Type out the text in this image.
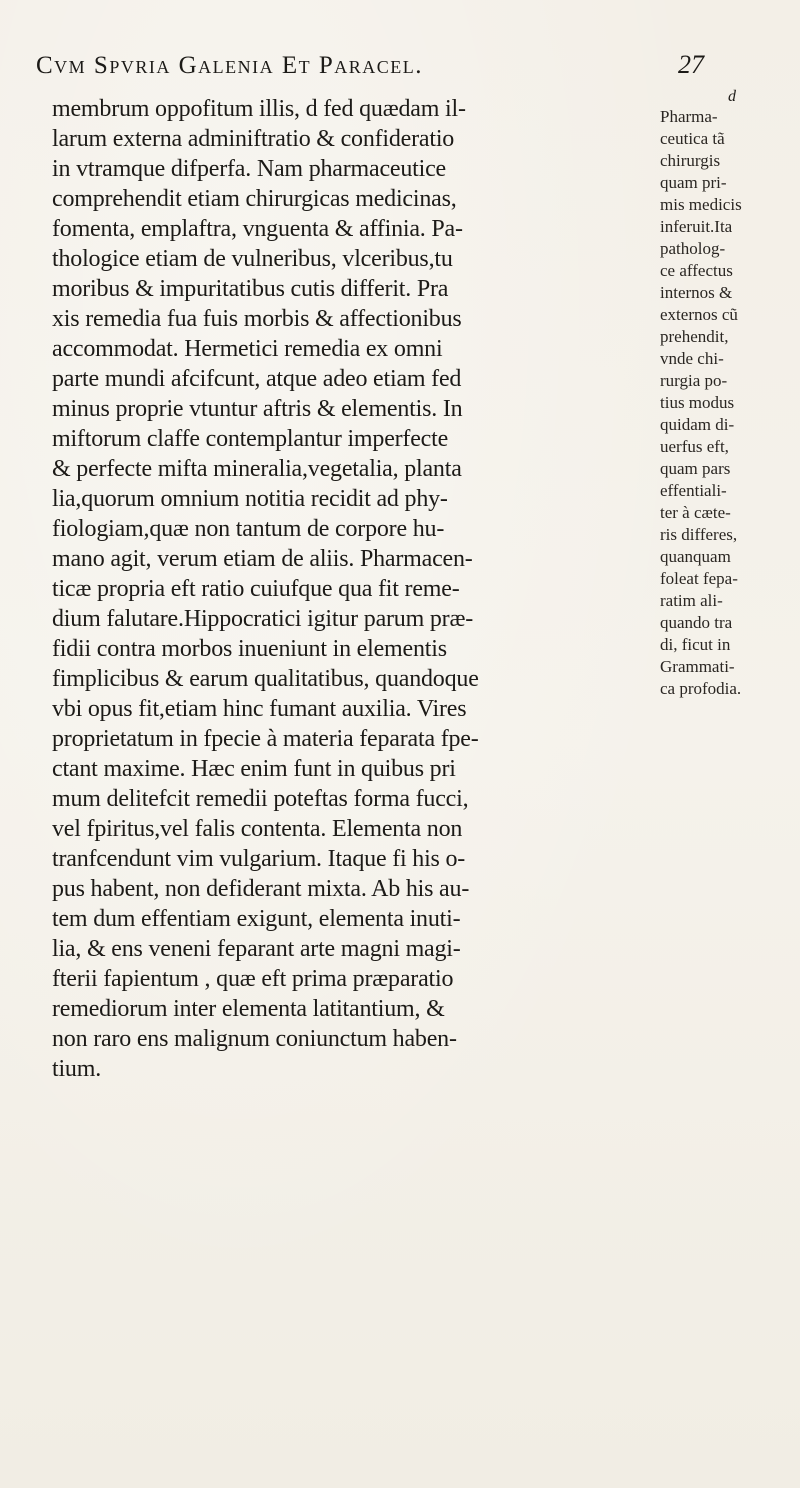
Cvm Spvria Galenia Et Paracel.	27
membrum oppofitum illis, d fed quædam il-
larum externa adminiftratio & confideratio
in vtramque difperfa. Nam pharmaceutice
comprehendit etiam chirurgicas medicinas,
fomenta, emplaftra, vnguenta & affinia. Pa-
thologice etiam de vulneribus, vlceribus,tu
moribus & impuritatibus cutis differit. Pra
xis remedia fua fuis morbis & affectionibus
accommodat. Hermetici remedia ex omni
parte mundi afcifcunt, atque adeo etiam fed
minus proprie vtuntur aftris & elementis. In
miftorum claffe contemplantur imperfecte
& perfecte mifta mineralia,vegetalia, planta
lia,quorum omnium notitia recidit ad phy-
fiologiam,quæ non tantum de corpore hu-
mano agit, verum etiam de aliis. Pharmacen-
ticæ propria eft ratio cuiufque qua fit reme-
dium falutare.Hippocratici igitur parum præ-
fidii contra morbos inueniunt in elementis
fimplicibus & earum qualitatibus, quandoque
vbi opus fit,etiam hinc fumant auxilia. Vires
proprietatum in fpecie à materia feparata fpe-
ctant maxime. Hæc enim funt in quibus pri
mum delitefcit remedii poteftas forma fucci,
vel fpiritus,vel falis contenta. Elementa non
tranfcendunt vim vulgarium. Itaque fi his o-
pus habent, non defiderant mixta. Ab his au-
tem dum effentiam exigunt, elementa inuti-
lia, & ens veneni feparant arte magni magi-
fterii fapientum , quæ eft prima præparatio
remediorum inter elementa latitantium, &
non raro ens malignum coniunctum haben-
tium.
d
Pharma-
ceutica tã
chirurgis
quam pri-
mis medicis
inferuit.Ita
patholog-
ce affectus
internos &
externos cũ
prehendit,
vnde chi-
rurgia po-
tius modus
quidam di-
uerfus eft,
quam pars
effentiali-
ter à cæte-
ris differes,
quanquam
foleat fepa-
ratim ali-
quando tra
di, ficut in
Grammati-
ca profodia.
